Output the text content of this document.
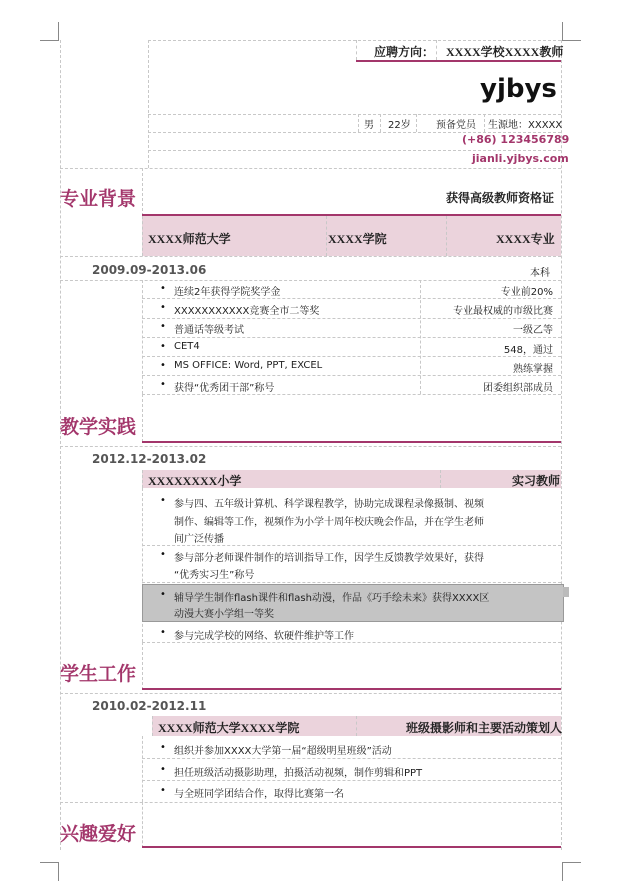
应聘方向： XXXX学校XXXX教师
yjbys
男 22岁	预备党员 生源地：XXXXX
(+86) 123456789
jianli.yjbys.com
专业背景	获得高级教师资格证
XXXX师范大学	XXXX学院	XXXX专业
2009.09-2013.06	本科
• 连续2年获得学院奖学金	专业前20%
• XXXXXXXXXXX竞赛全市二等奖	专业最权威的市级比赛
• 普通话等级考试	一级乙等
• CET4	548，通过
• MS OFFICE: Word, PPT, EXCEL	熟练掌握
• 获得“优秀团干部”称号	团委组织部成员
教学实践
2012.12-2013.02
XXXXXXXX小学	实习教师
• 参与四、五年级计算机、科学课程教学，协助完成课程录像摄制、视频
制作、编辑等工作，视频作为小学十周年校庆晚会作品，并在学生老师
间广泛传播
• 参与部分老师课件制作的培训指导工作，因学生反馈教学效果好，获得
“优秀实习生”称号
• 辅导学生制作flash课件和flash动漫，作品《巧手绘未来》获得XXXX区
动漫大赛小学组一等奖
• 参与完成学校的网络、软硬件维护等工作
学生工作
2010.02-2012.11
XXXX师范大学XXXX学院	班级摄影师和主要活动策划人
• 组织并参加XXXX大学第一届“超级明星班级”活动
• 担任班级活动摄影助理，拍摄活动视频，制作剪辑和PPT
• 与全班同学团结合作，取得比赛第一名
兴趣爱好
